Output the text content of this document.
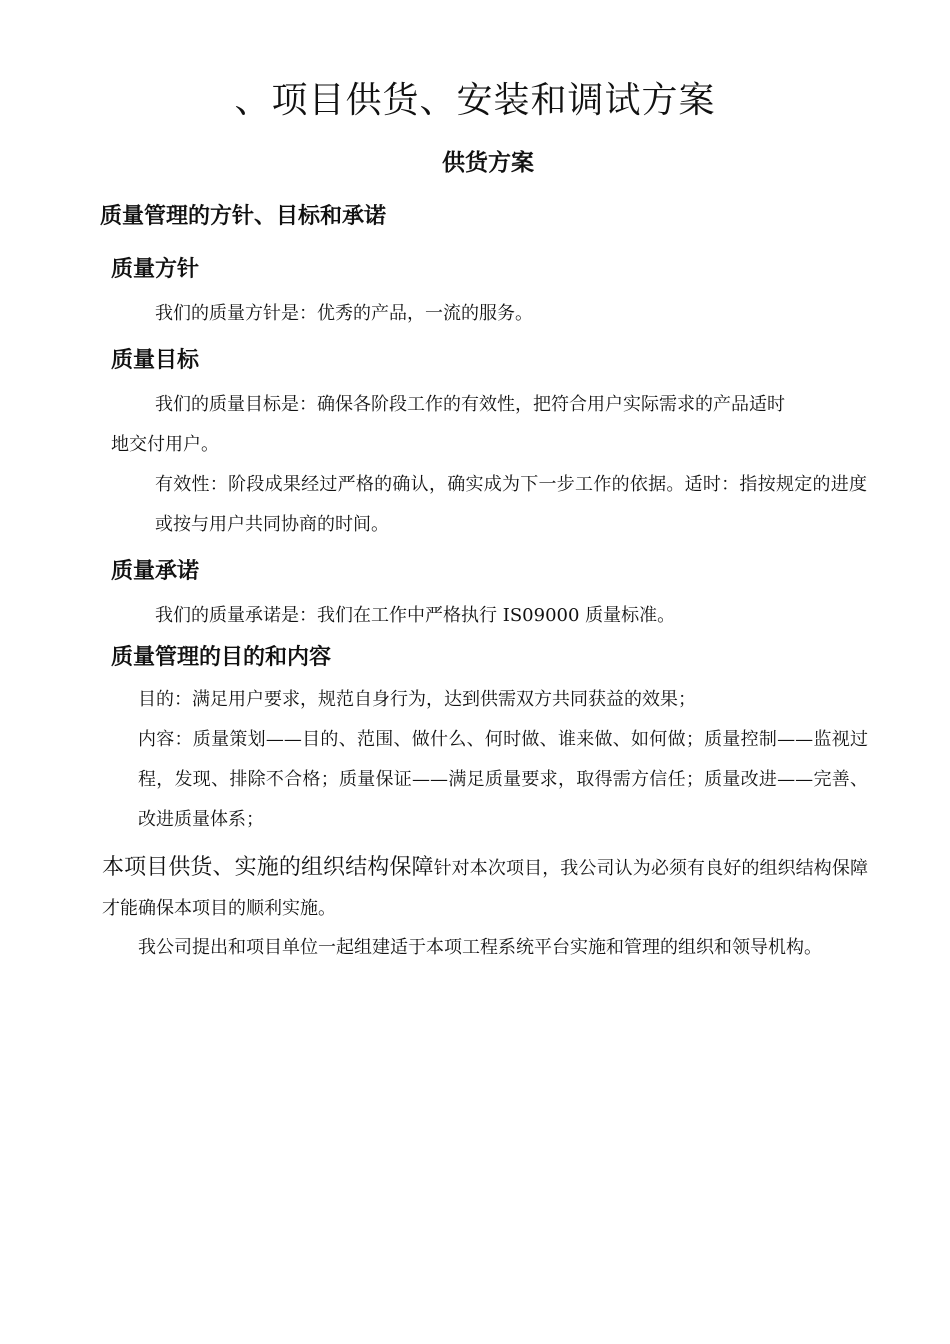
、项目供货、安装和调试方案
供货方案
质量管理的方针、目标和承诺
质量方针

我们的质量方针是：优秀的产品，一流的服务。

质量目标

我们的质量目标是：确保各阶段工作的有效性，把符合用户实际需求的产品适时

地交付用户。

有效性：阶段成果经过严格的确认，确实成为下一步工作的依据。适时：指按规定的进度或按与用户共同协商的时间。

质量承诺

我们的质量承诺是：我们在工作中严格执行 IS09000 质量标准。

质量管理的目的和内容

目的：满足用户要求，规范自身行为，达到供需双方共同获益的效果；

内容：质量策划——目的、范围、做什么、何时做、谁来做、如何做；质量控制——监视过程，发现、排除不合格；质量保证——满足质量要求，取得需方信任；质量改进——完善、改进质量体系；

本项目供货、实施的组织结构保障针对本次项目，我公司认为必须有良好的组织结构保障才能确保本项目的顺利实施。

我公司提出和项目单位一起组建适于本项工程系统平台实施和管理的组织和领导机构。
